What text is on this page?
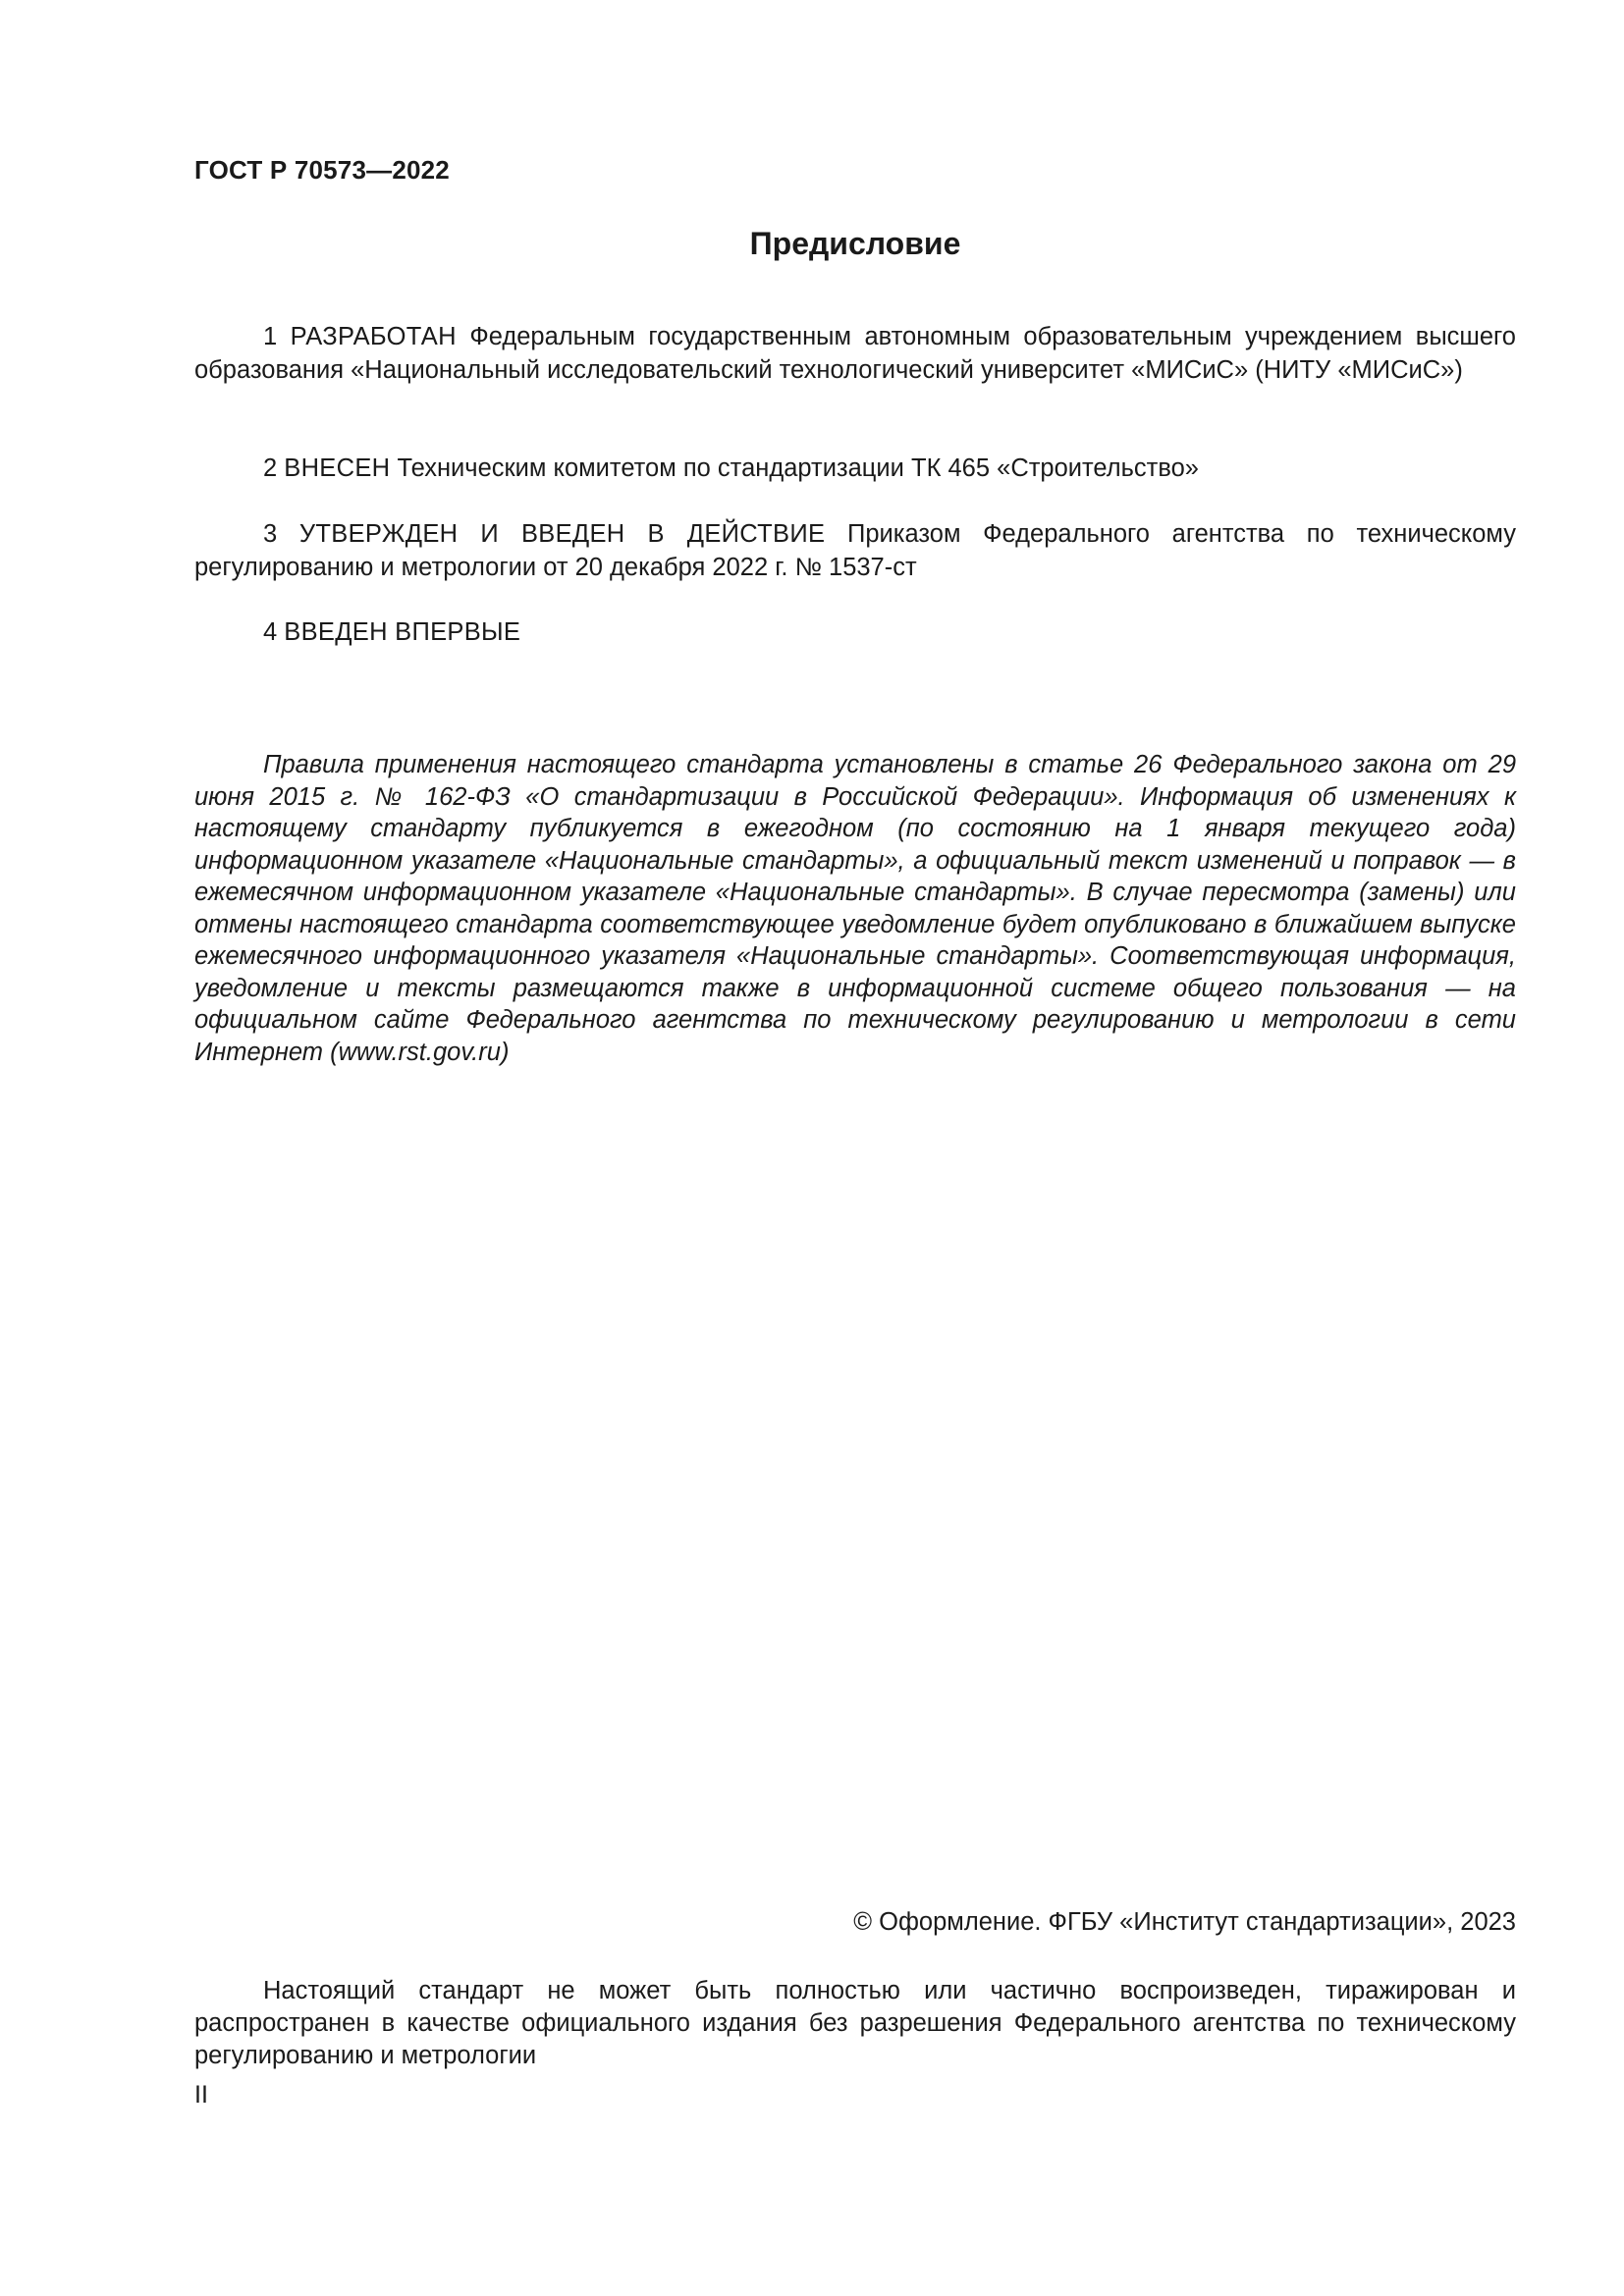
ГОСТ Р 70573—2022
Предисловие

1 РАЗРАБОТАН Федеральным государственным автономным образовательным учреждением высшего образования «Национальный исследовательский технологический университет «МИСиС» (НИТУ «МИСиС»)

2 ВНЕСЕН Техническим комитетом по стандартизации ТК 465 «Строительство»

3 УТВЕРЖДЕН И ВВЕДЕН В ДЕЙСТВИЕ Приказом Федерального агентства по техническому регулированию и метрологии от 20 декабря 2022 г. № 1537-ст

4 ВВЕДЕН ВПЕРВЫЕ

Правила применения настоящего стандарта установлены в статье 26 Федерального закона от 29 июня 2015 г. № 162-ФЗ «О стандартизации в Российской Федерации». Информация об изменениях к настоящему стандарту публикуется в ежегодном (по состоянию на 1 января текущего года) информационном указателе «Национальные стандарты», а официальный текст изменений и поправок — в ежемесячном информационном указателе «Национальные стандарты». В случае пересмотра (замены) или отмены настоящего стандарта соответствующее уведомление будет опубликовано в ближайшем выпуске ежемесячного информационного указателя «Национальные стандарты». Соответствующая информация, уведомление и тексты размещаются также в информационной системе общего пользования — на официальном сайте Федерального агентства по техническому регулированию и метрологии в сети Интернет (www.rst.gov.ru)

© Оформление. ФГБУ «Институт стандартизации», 2023

Настоящий стандарт не может быть полностью или частично воспроизведен, тиражирован и распространен в качестве официального издания без разрешения Федерального агентства по техническому регулированию и метрологии

II
